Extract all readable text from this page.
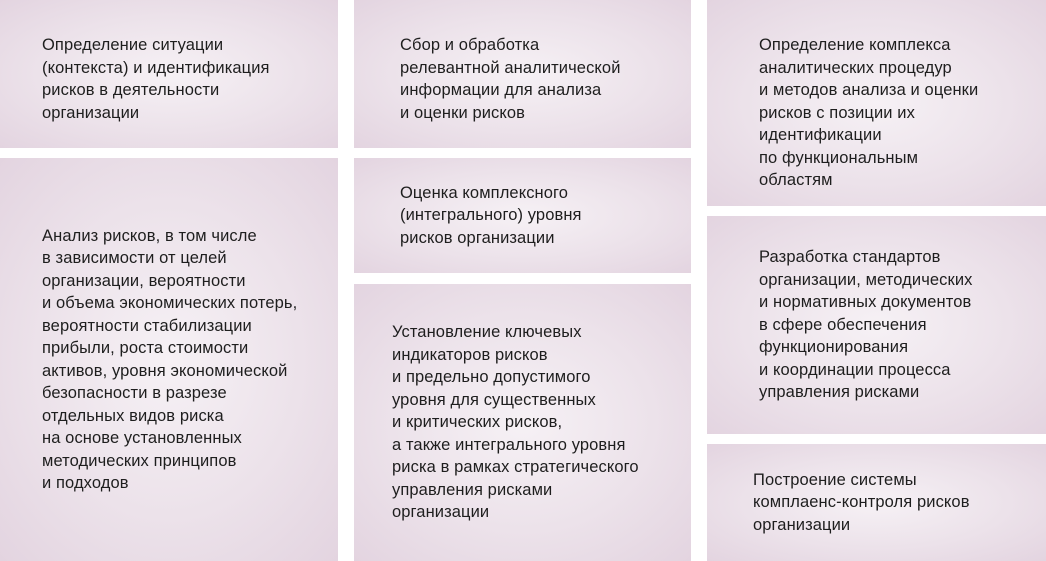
Определение ситуации
(контекста) и идентификация
рисков в деятельности
организации

Сбор и обработка
релевантной аналитической
информации для анализа
и оценки рисков

Определение комплекса
аналитических процедур
и методов анализа и оценки
рисков с позиции их
идентификации
по функциональным
областям

Анализ рисков, в том числе
в зависимости от целей
организации, вероятности
и объема экономических потерь,
вероятности стабилизации
прибыли, роста стоимости
активов, уровня экономической
безопасности в разрезе
отдельных видов риска
на основе установленных
методических принципов
и подходов

Оценка комплексного
(интегрального) уровня
рисков организации

Разработка стандартов
организации, методических
и нормативных документов
в сфере обеспечения
функционирования
и координации процесса
управления рисками

Установление ключевых
индикаторов рисков
и предельно допустимого
уровня для существенных
и критических рисков,
а также интегрального уровня
риска в рамках стратегического
управления рисками
организации

Построение системы
комплаенс-контроля рисков
организации
